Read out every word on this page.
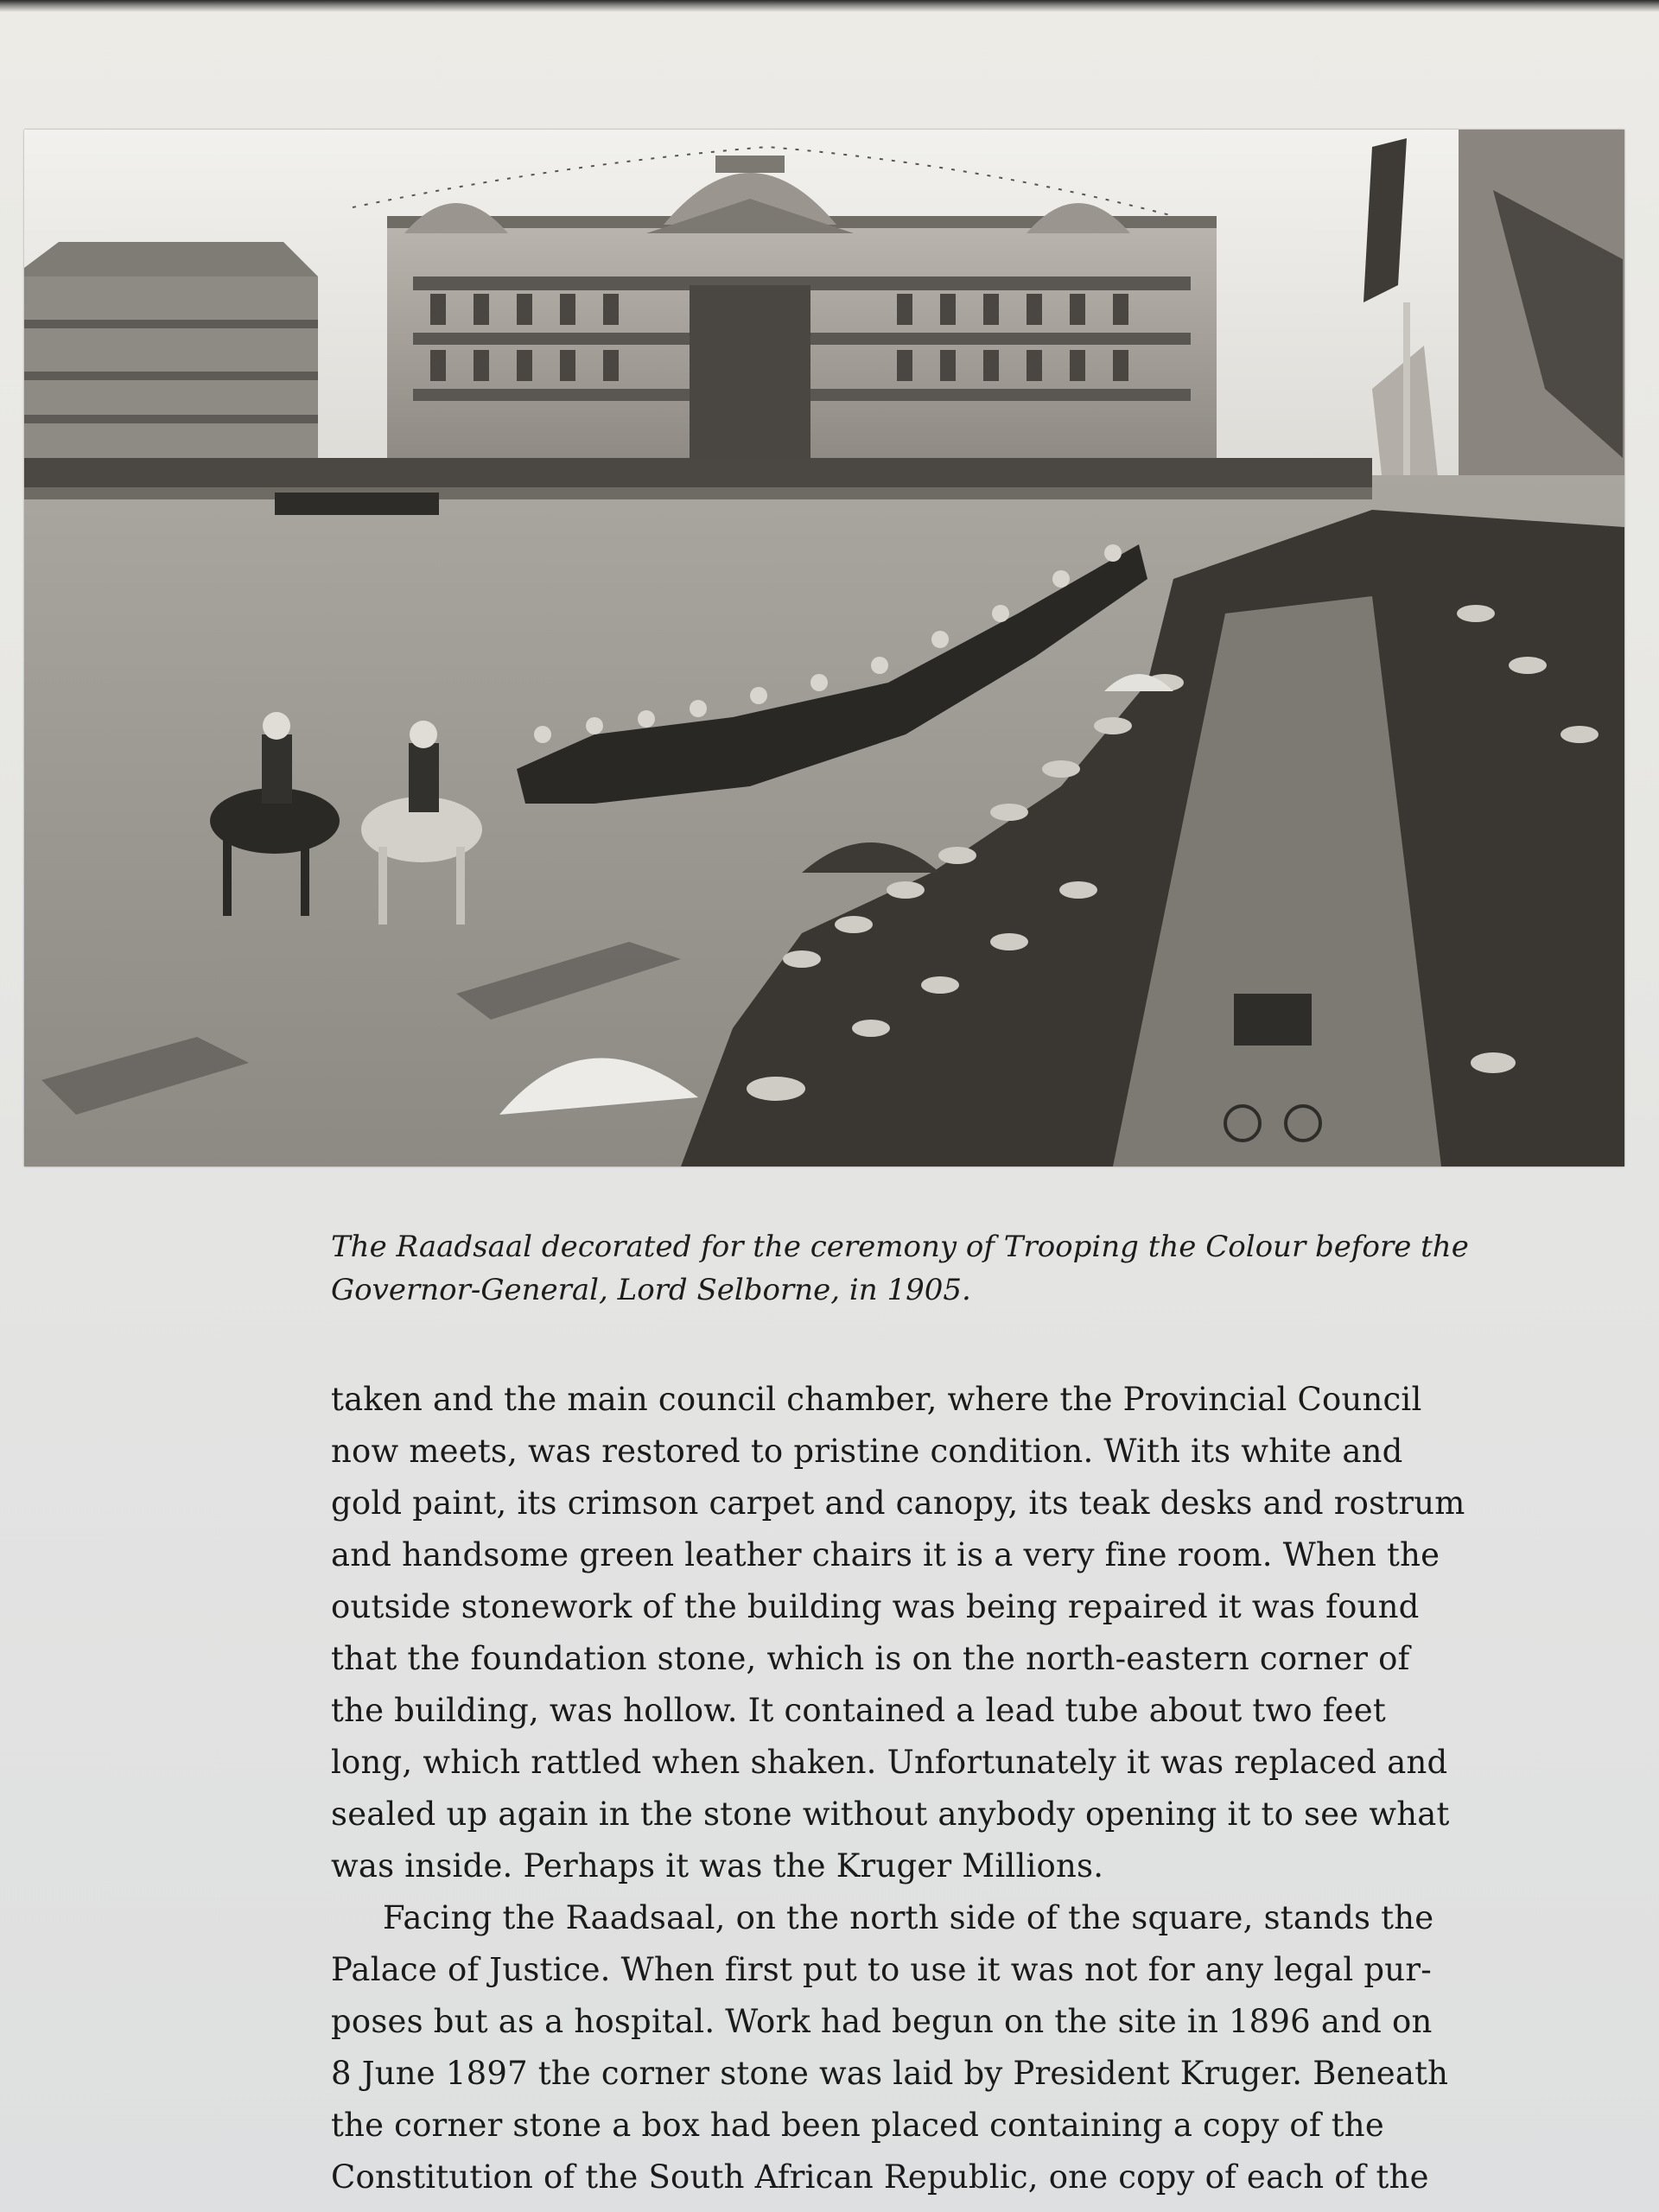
The Raadsaal decorated for the ceremony of Trooping the Colour before the
Governor-General, Lord Selborne, in 1905.

taken and the main council chamber, where the Provincial Council
now meets, was restored to pristine condition. With its white and
gold paint, its crimson carpet and canopy, its teak desks and rostrum
and handsome green leather chairs it is a very fine room. When the
outside stonework of the building was being repaired it was found
that the foundation stone, which is on the north-eastern corner of
the building, was hollow. It contained a lead tube about two feet
long, which rattled when shaken. Unfortunately it was replaced and
sealed up again in the stone without anybody opening it to see what
was inside. Perhaps it was the Kruger Millions.
Facing the Raadsaal, on the north side of the square, stands the
Palace of Justice. When first put to use it was not for any legal pur-
poses but as a hospital. Work had begun on the site in 1896 and on
8 June 1897 the corner stone was laid by President Kruger. Beneath
the corner stone a box had been placed containing a copy of the
Constitution of the South African Republic, one copy of each of the
